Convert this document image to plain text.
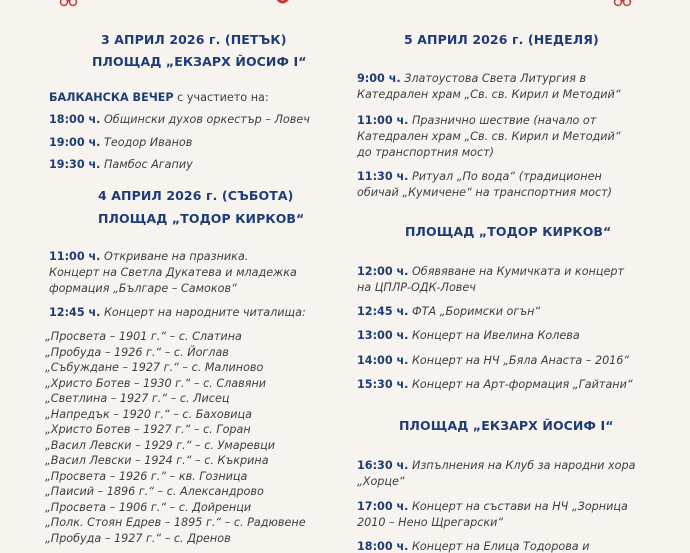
3 АПРИЛ 2026 г. (ПЕТЪК)
ПЛОЩАД „ЕКЗАРХ ЙОСИФ I“
БАЛКАНСКА ВЕЧЕР с участието на:
18:00 ч. Общински духов оркестър – Ловеч
19:00 ч. Теодор Иванов
19:30 ч. Памбос Агапиу
4 АПРИЛ 2026 г. (СЪБОТА)
ПЛОЩАД „ТОДОР КИРКОВ“
11:00 ч. Откриване на празника.
Концерт на Светла Дукатева и младежка
формация „Българе – Самоков“
12:45 ч. Концерт на народните читалища:
„Просвета – 1901 г.“ – с. Слатина
„Пробуда – 1926 г.“ – с. Йоглав
„Събуждане – 1927 г.“ – с. Малиново
„Христо Ботев – 1930 г.“ – с. Славяни
„Светлина – 1927 г.“ – с. Лисец
„Напредък – 1920 г.“ – с. Баховица
„Христо Ботев – 1927 г.“ – с. Горан
„Васил Левски – 1929 г.“ – с. Умаревци
„Васил Левски – 1924 г.“ – с. Къкрина
„Просвета – 1926 г.“ – кв. Гозница
„Паисий – 1896 г.“ – с. Александрово
„Просвета – 1906 г.“ – с. Дойренци
„Полк. Стоян Едрев – 1895 г.“ – с. Радювене
„Пробуда – 1927 г.“ – с. Дренов
5 АПРИЛ 2026 г. (НЕДЕЛЯ)
9:00 ч. Златоустова Света Литургия в
Катедрален храм „Св. св. Кирил и Методий“
11:00 ч. Празнично шествие (начало от
Катедрален храм „Св. св. Кирил и Методий“
до транспортния мост)
11:30 ч. Ритуал „По вода“ (традиционен
обичай „Кумичене“ на транспортния мост)
ПЛОЩАД „ТОДОР КИРКОВ“
12:00 ч. Обявяване на Кумичката и концерт
на ЦПЛР-ОДК-Ловеч
12:45 ч. ФТА „Боримски огън“
13:00 ч. Концерт на Ивелина Колева
14:00 ч. Концерт на НЧ „Бяла Анаста – 2016“
15:30 ч. Концерт на Арт-формация „Гайтани“
ПЛОЩАД „ЕКЗАРХ ЙОСИФ I“
16:30 ч. Изпълнения на Клуб за народни хора
„Хорце“
17:00 ч. Концерт на състави на НЧ „Зорница
2010 – Нено Щрегарски“
18:00 ч. Концерт на Елица Тодорова и
